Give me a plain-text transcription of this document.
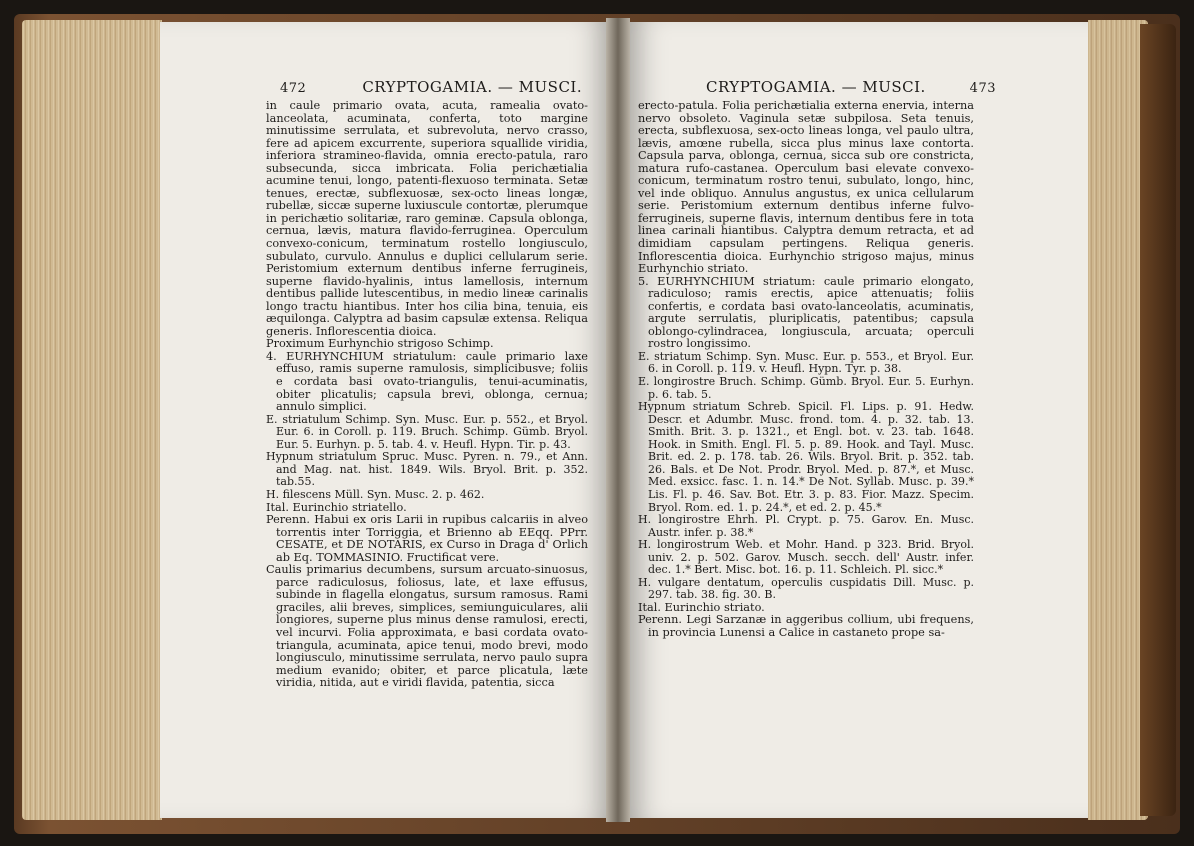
472	CRYPTOGAMIA. — MUSCI.

in caule primario ovata, acuta, ramealia ovato-lanceolata, acuminata, conferta, toto margine minutissime serrulata, et subrevoluta, nervo crasso, fere ad apicem excurrente, superiora squallide viridia, inferiora stramineo-flavida, omnia erecto-patula, raro subsecunda, sicca imbricata. Folia perichætialia acumine tenui, longo, patenti-flexuoso terminata. Setæ tenues, erectæ, subflexuosæ, sex-octo lineas longæ, rubellæ, siccæ superne luxiuscule contortæ, plerumque in perichætio solitariæ, raro geminæ. Capsula oblonga, cernua, lævis, matura flavido-ferruginea. Operculum convexo-conicum, terminatum rostello longiusculo, subulato, curvulo. Annulus e duplici cellularum serie. Peristomium externum dentibus inferne ferrugineis, superne flavido-hyalinis, intus lamellosis, internum dentibus pallide lutescentibus, in medio lineæ carinalis longo tractu hiantibus. Inter hos cilia bina, tenuia, eis æquilonga. Calyptra ad basim capsulæ extensa. Reliqua generis. Inflorescentia dioica.

Proximum Eurhynchio strigoso Schimp.

4. EURHYNCHIUM striatulum: caule primario laxe effuso, ramis superne ramulosis, simplicibusve; foliis e cordata basi ovato-triangulis, tenui-acuminatis, obiter plicatulis; capsula brevi, oblonga, cernua; annulo simplici.

E. striatulum Schimp. Syn. Musc. Eur. p. 552., et Bryol. Eur. 6. in Coroll. p. 119. Bruch. Schimp. Gümb. Bryol. Eur. 5. Eurhyn. p. 5. tab. 4. v. Heufl. Hypn. Tir. p. 43.

Hypnum striatulum Spruc. Musc. Pyren. n. 79., et Ann. and Mag. nat. hist. 1849. Wils. Bryol. Brit. p. 352. tab.55.

H. filescens Müll. Syn. Musc. 2. p. 462.

Ital. Eurinchio striatello.

Perenn. Habui ex oris Larii in rupibus calcariis in alveo torrentis inter Torriggia, et Brienno ab EEqq. PPrr. CESATE, et DE NOTARIS, ex Curso in Draga d' Orlich ab Eq. TOMMASINIO. Fructificat vere.

Caulis primarius decumbens, sursum arcuato-sinuosus, parce radiculosus, foliosus, late, et laxe effusus, subinde in flagella elongatus, sursum ramosus. Rami graciles, alii breves, simplices, semiunguiculares, alii longiores, superne plus minus dense ramulosi, erecti, vel incurvi. Folia approximata, e basi cordata ovato-triangula, acuminata, apice tenui, modo brevi, modo longiusculo, minutissime serrulata, nervo paulo supra medium evanido; obiter, et parce plicatula, læte viridia, nitida, aut e viridi flavida, patentia, sicca

CRYPTOGAMIA. — MUSCI.	473

erecto-patula. Folia perichætialia externa enervia, interna nervo obsoleto. Vaginula setæ subpilosa. Seta tenuis, erecta, subflexuosa, sex-octo lineas longa, vel paulo ultra, lævis, amœne rubella, sicca plus minus laxe contorta. Capsula parva, oblonga, cernua, sicca sub ore constricta, matura rufo-castanea. Operculum basi elevate convexo-conicum, terminatum rostro tenui, subulato, longo, hinc, vel inde obliquo. Annulus angustus, ex unica cellularum serie. Peristomium externum dentibus inferne fulvo-ferrugineis, superne flavis, internum dentibus fere in tota linea carinali hiantibus. Calyptra demum retracta, et ad dimidiam capsulam pertingens. Reliqua generis. Inflorescentia dioica. Eurhynchio strigoso majus, minus Eurhynchio striato.

5. EURHYNCHIUM striatum: caule primario elongato, radiculoso; ramis erectis, apice attenuatis; foliis confertis, e cordata basi ovato-lanceolatis, acuminatis, argute serrulatis, pluriplicatis, patentibus; capsula oblongo-cylindracea, longiuscula, arcuata; operculi rostro longissimo.

E. striatum Schimp. Syn. Musc. Eur. p. 553., et Bryol. Eur. 6. in Coroll. p. 119. v. Heufl. Hypn. Tyr. p. 38.

E. longirostre Bruch. Schimp. Gümb. Bryol. Eur. 5. Eurhyn. p. 6. tab. 5.

Hypnum striatum Schreb. Spicil. Fl. Lips. p. 91. Hedw. Descr. et Adumbr. Musc. frond. tom. 4. p. 32. tab. 13. Smith. Brit. 3. p. 1321., et Engl. bot. v. 23. tab. 1648. Hook. in Smith. Engl. Fl. 5. p. 89. Hook. and Tayl. Musc. Brit. ed. 2. p. 178. tab. 26. Wils. Bryol. Brit. p. 352. tab. 26. Bals. et De Not. Prodr. Bryol. Med. p. 87.*, et Musc. Med. exsicc. fasc. 1. n. 14.* De Not. Syllab. Musc. p. 39.* Lis. Fl. p. 46. Sav. Bot. Etr. 3. p. 83. Fior. Mazz. Specim. Bryol. Rom. ed. 1. p. 24.*, et ed. 2. p. 45.*

H. longirostre Ehrh. Pl. Crypt. p. 75. Garov. En. Musc. Austr. infer. p. 38.*

H. longirostrum Web. et Mohr. Hand. p 323. Brid. Bryol. univ. 2. p. 502. Garov. Musch. secch. dell' Austr. infer. dec. 1.* Bert. Misc. bot. 16. p. 11. Schleich. Pl. sicc.*

H. vulgare dentatum, operculis cuspidatis Dill. Musc. p. 297. tab. 38. fig. 30. B.

Ital. Eurinchio striato.

Perenn. Legi Sarzanæ in aggeribus collium, ubi frequens, in provincia Lunensi a Calice in castaneto prope sa-
